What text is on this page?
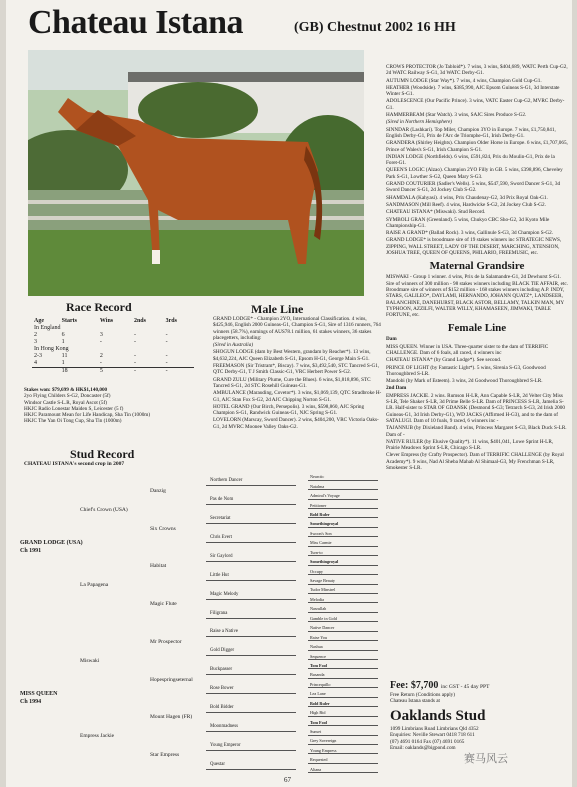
Chateau Istana	(GB) Chestnut 2002 16 HH
Race Record
Age	Starts	Wins	2nds	3rds
In England				
2	6	3	-	-
3	1	-	-	-
In Hong Kong				
2-3	11	2	-	-
4	1	-	-	-
	18	5	-	-
Stakes won: $79,699 & HK$1,140,000
2yo Flying Childers S-G2, Doncaster (5f)
Windsor Castle S-L.R, Royal Ascot (5f)
HKJC Radio Lonestar Maiden S, Leicester (5 f)
HKJC Paramount Mean for Life Handicap, Sha Tin (1000m)
HKJC The Yan Oi Tong Cup, Sha Tin (1000m)
Stud Record
CHATEAU ISTANA's second crop in 2007
Male Line

GRAND LODGE* - Champion 2YO, International Classification. 4 wins, $425,946, English 2000 Guineas-G1, Champion S-G1, Sire of 1316 runners, 764 winners (58.7%), earnings of AUS78.1 million, 61 stakes winners, 36 stakes placegetters, including:

(Sired in Australia)

SHOGUN LODGE (dam by Best Western, grandam by Reacher*). 13 wins, $4,632,224, AJC Queen Elizabeth S-G1, Epsom H-G1, George Main S-G1.

FREEMASON (Sir Tristram*, Biscay). 7 wins, $3,492,540, STC Tancred S-G1, QTC Derby-G1, T J Smith Classic-G1, VRC Herbert Power S-G2.

GRAND ZULU (Military Plume, Cure the Blues). 6 wins, $1,818,896, STC Tancred S-G1, 2d STC Rosehill Guineas-G1.

AMBULANCE (Marauding, Covetor*). 3 wins, $1,069,139, QTC Stradbroke H-G1, AJC Stan Fox S-G2, 2d AJC Chipping Norton S-G1.

HOTEL GRAND (Our Birch, Persepolis). 3 wins, $598,860, AJC Spring Champion S-G1, Randwick Guineas-G1, NJC Spring S-G1.

LOVELORN (Marscay, Sword Dancer). 2 wins, $404,200, VRC Victoria Oaks-G1, 2d MVRC Moonee Valley Oaks-G2.

CROWS PROTECTOR (Jo Tabloid*). 7 wins, 3 wins, $404,689, WATC Perth Cup-G2, 2d WATC Railway S-G1, 3d WATC Derby-G1.

AUTUMN LODGE (Star Way*). 7 wins, 4 wins, Champion Gold Cup-G1.

HEATHER (Woodside). 7 wins, $385,990, AJC Epsom Guineas S-G1, 3d Interstate Winter S-G1.

ADOLESCENCE (Our Pacific Prince). 3 wins, VATC Easter Cup-G2, MVRC Derby-G1.

HAMMERBEAM (Star Watch). 3 wins, SAJC Sires Produce S-G2.

(Sired in Northern Hemisphere)

SINNDAR (Lashkari). Top Miler, Champion 3YO in Europe. 7 wins, £1,750,841, English Derby-G1, Prix de l'Arc de Triomphe-G1, Irish Derby-G1.

GRANDERA (Shirley Heights). Champion Older Horse in Europe. 6 wins, £1,707,065, Prince of Wales's S-G1, Irish Champion S-G1.

INDIAN LODGE (Northfields). 6 wins, £591,824, Prix du Moulin-G1, Prix de la Foret-G1.

QUEEN'S LOGIC (Alzao). Champion 2YO Filly in GB. 5 wins, £398,896, Cheveley Park S-G1, Lowther S-G2, Queen Mary S-G3.

GRAND COUTURIER (Sadler's Wells). 5 wins, $547,590, Sword Dancer S-G1, 3d Sword Dancer S-G1, 2d Jockey Club S-G2.

SHAMDALA (Kahyasi). 4 wins, Prix Chaudenay-G2, 3d Prix Royal Oak-G1.

SANDMASON (Mill Reef). 4 wins, Hardwicke S-G2, 2d Jockey Club S-G2.

CHATEAU ISTANA* (Miswaki). Stud Record.

SYMBOLI GRAN (Greenland). 5 wins, Chukyo CBC Sho-G2, 3d Kyoto Mile Championship-G1.

RAISE A GRAND* (Ballad Rock). 3 wins, Gallinule S-G3, 3d Champion S-G2.

GRAND LODGE* is broodmare sire of 19 stakes winners inc STRATEGIC NEWS, ZIPPING, WALL STREET, LADY OF THE DESERT, MARCHING, XTENSION, JOSHUA TREE, QUEEN OF QUEENS, PHILARIO, FREEMUSIC, etc.

Maternal Grandsire

MISWAKI - Group 1 winner. 4 wins, Prix de la Salamandre-G1, 2d Dewhurst S-G1. Sire of winners of 300 million - 98 stakes winners including BLACK TIE AFFAIR, etc. Broodmare sire of winners of $152 million - 168 stakes winners including A.P. INDY, STARS, GALILEO*, DAYLAMI, HERNANDO, JOHANN QUATZ*, LANDSEER, BALANCHINE, DANEHURST, BLACK ASTOR, BELLAMY, TALKIN MAN, MY TYPHOON, AZZILFI, WALTER WILLY, KHAMASEEN, JIMWAKI, TABLE FORTUNE, etc.

Female Line

Dam

MISS QUEEN. Winner in USA. Three-quarter sister to the dam of TERRIFIC CHALLENGE. Dam of 6 foals, all raced, 4 winners inc

CHATEAU ISTANA* (by Grand Lodge*). See second.

PRINCE OF LIGHT (by Fantastic Light*). 5 wins, Sirenia S-G3, Goodwood Thoroughbred S-LR.

Mandobi (by Mark of Esteem). 3 wins, 2d Goodwood Thoroughbred S-LR.

2nd Dam

EMPRESS JACKIE. 2 wins. Rumson H-LR, Ann Capable S-LR, 2d Velter City Miss S-LR, Tele Shaker S-LR, 3d Prime Belle S-LR. Dam of PRINCESS S-LR, Jamelia S-LR. Half-sister to STAR OF GDANSK (Desmond S-G3; Tetrarch S-G3, 2d Irish 2000 Guineas-G1, 3d Irish Derby-G1), WD JACKS (Affirmed H-G3), and to the dam of SATALUGI. Dam of 10 foals, 9 raced, 6 winners inc -

TAJANNUB (by Dixieland Band). 4 wins, Princess Margaret S-G3, Black Duck S-LR. Dam of -

NATIVE RULER (by Elusive Quality*). 11 wins, $401,041, Lowe Sprint H-LR, Prairie Meadows Sprint S-LR, Chicago S-LR.

Clever Empress (by Crafty Prospector). Dam of TERRIFIC CHALLENGE (by Royal Academy*). 9 wins, Nad Al Sheba Mahab Al Shimaal-G3, My Frenchman S-LR, Smokester S-LR.

GRAND LODGE (USA)
Ch 1991
MISS QUEEN
Ch 1994
Chief's Crown (USA)
La Papagena
Miswaki
Empress Jackie
Danzig
Six Crowns
Habitat
Magic Flute
Mr Prospector
Hopespringseternal
Mount Hagen (FR)
Star Empress
Northern Dancer
Pas de Nom
Secretariat
Chris Evert
Sir Gaylord
Little Hut
Magic Melody
Filigrana
Raise a Native
Gold Digger
Buckpasser
Rose Bower
Bold Bidder
Moonmadness
Young Emperor
Questar
Nearctic
Natalma
Admiral's Voyage
Petitioner
Bold Ruler
Somethingroyal
Swoon's Son
Miss Carmie
Turn-to
Somethingroyal
Occupy
Savage Beauty
Tudor Minstrel
Melodia
Nasrullah
Gamble in Gold
Native Dancer
Raise You
Nashua
Sequence
Tom Fool
Busanda
Princequillo
Lea Lane
Bold Ruler
High Bid
Tom Fool
Sunset
Grey Sovereign
Young Empress
Requested
Altana
Fee: $7,700 inc GST - 45 day PPT
Free Return (Conditions apply)
Chateau Istana stands at
Oaklands Stud
1099 Limbrians Road Limbrians Qld 4352
Enquiries: Neville Stewart 0418 718 611
(07) 4691 0164 Fax (07) 4691 0165
Email: oaklands@bigpond.com
赛马风云
67
